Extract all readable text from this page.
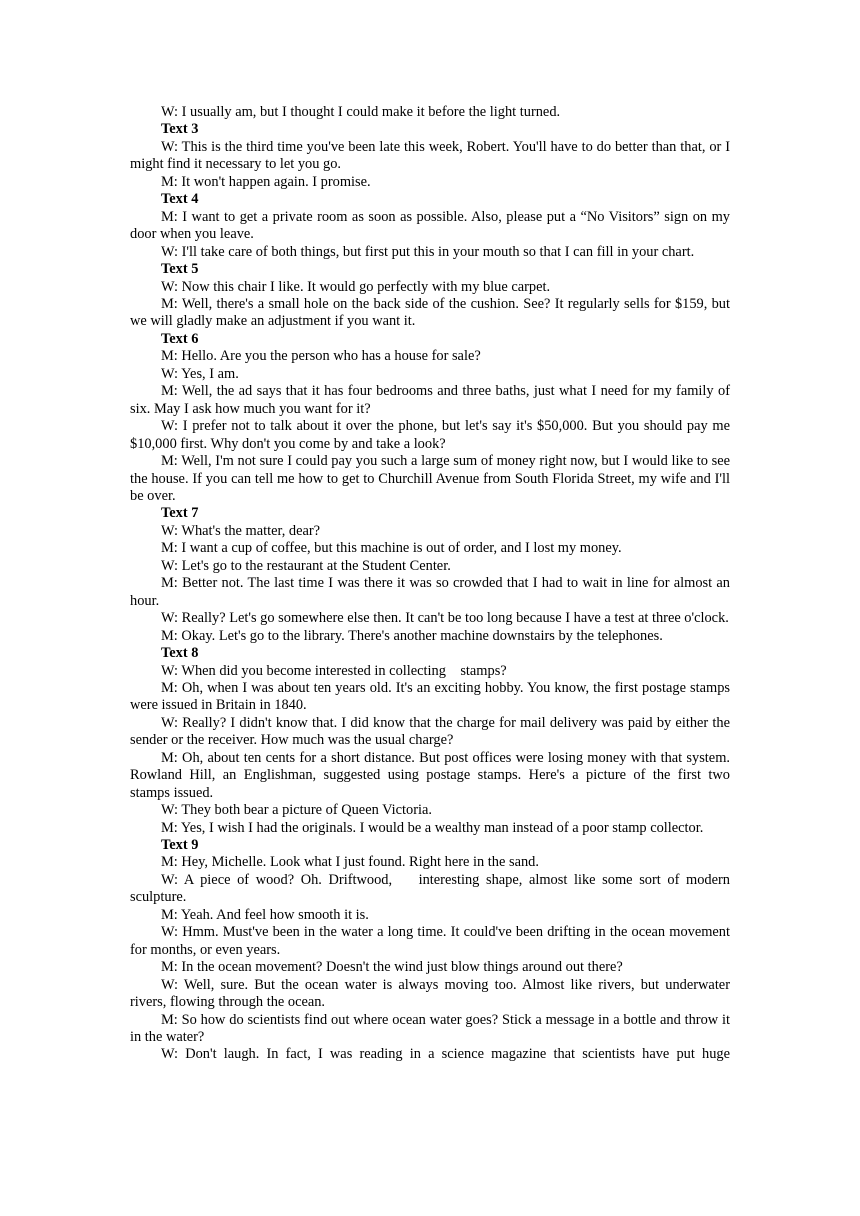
W: I usually am, but I thought I could make it before the light turned.

Text 3

W: This is the third time you've been late this week, Robert. You'll have to do better than that, or I might find it necessary to let you go.

M: It won't happen again. I promise.

Text 4

M: I want to get a private room as soon as possible. Also, please put a “No Visitors” sign on my door when you leave.

W: I'll take care of both things, but first put this in your mouth so that I can fill in your chart.

Text 5

W: Now this chair I like. It would go perfectly with my blue carpet.

M: Well, there's a small hole on the back side of the cushion. See? It regularly sells for $159, but we will gladly make an adjustment if you want it.

Text 6

M: Hello. Are you the person who has a house for sale?

W: Yes, I am.

M: Well, the ad says that it has four bedrooms and three baths, just what I need for my family of six. May I ask how much you want for it?

W: I prefer not to talk about it over the phone, but let's say it's $50,000. But you should pay me $10,000 first. Why don't you come by and take a look?

M: Well, I'm not sure I could pay you such a large sum of money right now, but I would like to see the house. If you can tell me how to get to Churchill Avenue from South Florida Street, my wife and I'll be over.

Text 7

W: What's the matter, dear?

M: I want a cup of coffee, but this machine is out of order, and I lost my money.

W: Let's go to the restaurant at the Student Center.

M: Better not. The last time I was there it was so crowded that I had to wait in line for almost an hour.

W: Really? Let's go somewhere else then. It can't be too long because I have a test at three o'clock.

M: Okay. Let's go to the library. There's another machine downstairs by the telephones.

Text 8

W: When did you become interested in collecting    stamps?

M: Oh, when I was about ten years old. It's an exciting hobby. You know, the first postage stamps were issued in Britain in 1840.

W: Really? I didn't know that. I did know that the charge for mail delivery was paid by either the sender or the receiver. How much was the usual charge?

M: Oh, about ten cents for a short distance. But post offices were losing money with that system. Rowland Hill, an Englishman, suggested using postage stamps. Here's a picture of the first two    stamps issued.

W: They both bear a picture of Queen Victoria.

M: Yes, I wish I had the originals. I would be a wealthy man instead of a poor stamp collector.

Text 9

M: Hey, Michelle. Look what I just found. Right here in the sand.

W: A piece of wood? Oh. Driftwood,    interesting shape, almost like some sort of modern sculpture.

M: Yeah. And feel how smooth it is.

W: Hmm. Must've been in the water a long time. It could've been drifting in the ocean movement for months, or even years.

M: In the ocean movement? Doesn't the wind just blow things around out there?

W: Well, sure. But the ocean water is always moving too. Almost like rivers, but underwater rivers, flowing through the ocean.

M: So how do scientists find out where ocean water goes? Stick a message in a bottle and throw it in the water?

W: Don't laugh. In fact, I was reading in a science magazine that scientists have put huge
